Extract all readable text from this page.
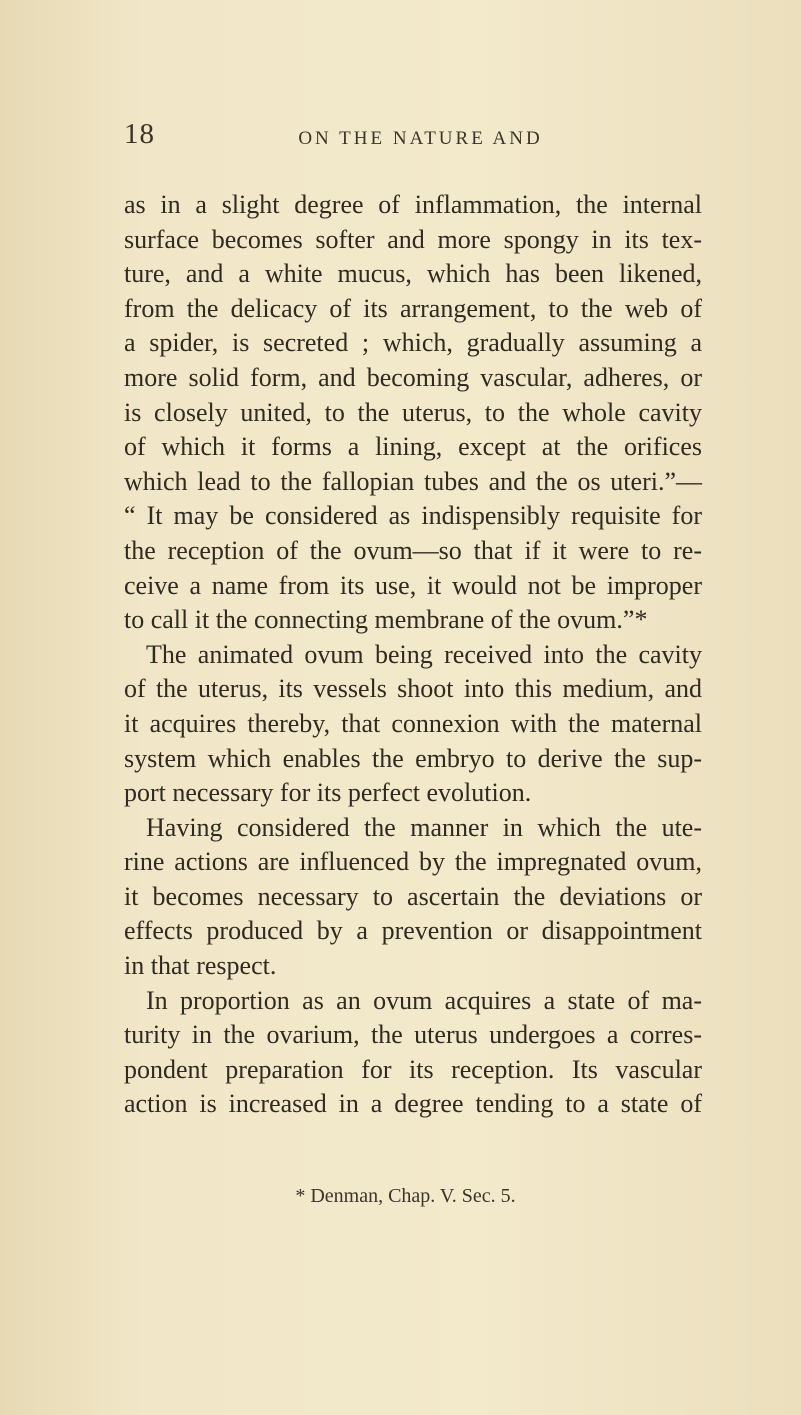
18	ON THE NATURE AND
as in a slight degree of inflammation, the internal
surface becomes softer and more spongy in its tex-
ture, and a white mucus, which has been likened,
from the delicacy of its arrangement, to the web of
a spider, is secreted ; which, gradually assuming a
more solid form, and becoming vascular, adheres, or
is closely united, to the uterus, to the whole cavity
of which it forms a lining, except at the orifices
which lead to the fallopian tubes and the os uteri.”—
“ It may be considered as indispensibly requisite for
the reception of the ovum—so that if it were to re-
ceive a name from its use, it would not be improper
to call it the connecting membrane of the ovum.”*
The animated ovum being received into the cavity
of the uterus, its vessels shoot into this medium, and
it acquires thereby, that connexion with the maternal
system which enables the embryo to derive the sup-
port necessary for its perfect evolution.
Having considered the manner in which the ute-
rine actions are influenced by the impregnated ovum,
it becomes necessary to ascertain the deviations or
effects produced by a prevention or disappointment
in that respect.
In proportion as an ovum acquires a state of ma-
turity in the ovarium, the uterus undergoes a corres-
pondent preparation for its reception. Its vascular
action is increased in a degree tending to a state of
* Denman, Chap. V. Sec. 5.
